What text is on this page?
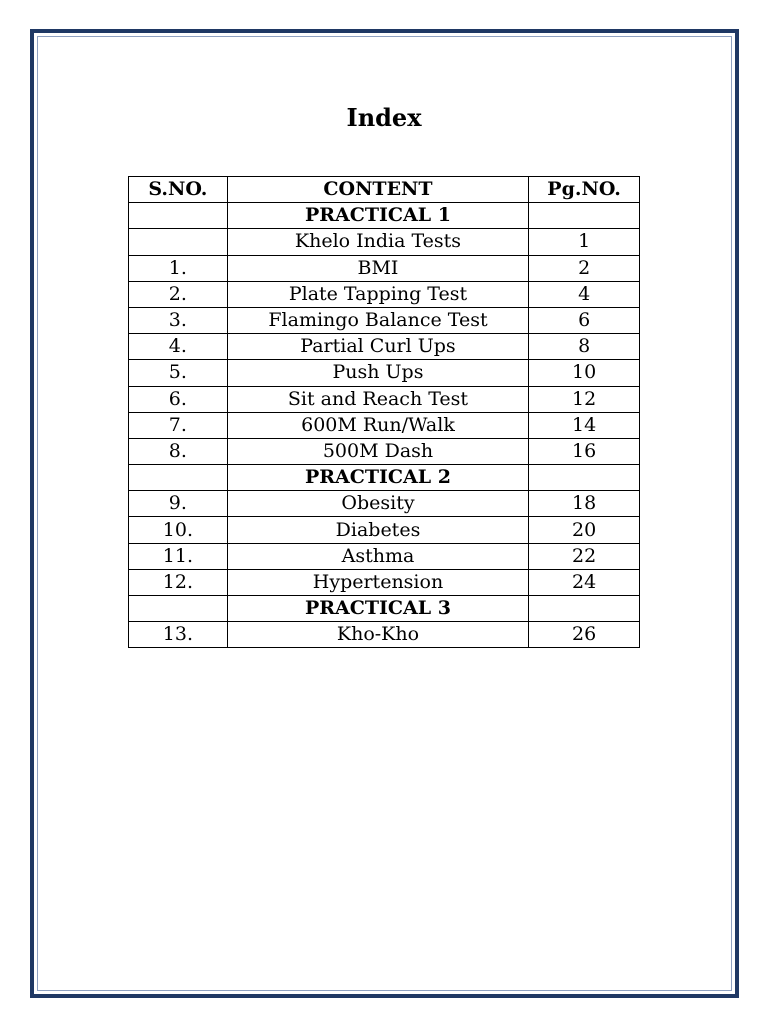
Index
S.NO.	CONTENT	Pg.NO.
	PRACTICAL 1	
	Khelo India Tests	1
1.	BMI	2
2.	Plate Tapping Test	4
3.	Flamingo Balance Test	6
4.	Partial Curl Ups	8
5.	Push Ups	10
6.	Sit and Reach Test	12
7.	600M Run/Walk	14
8.	500M Dash	16
	PRACTICAL 2	
9.	Obesity	18
10.	Diabetes	20
11.	Asthma	22
12.	Hypertension	24
	PRACTICAL 3	
13.	Kho-Kho	26
